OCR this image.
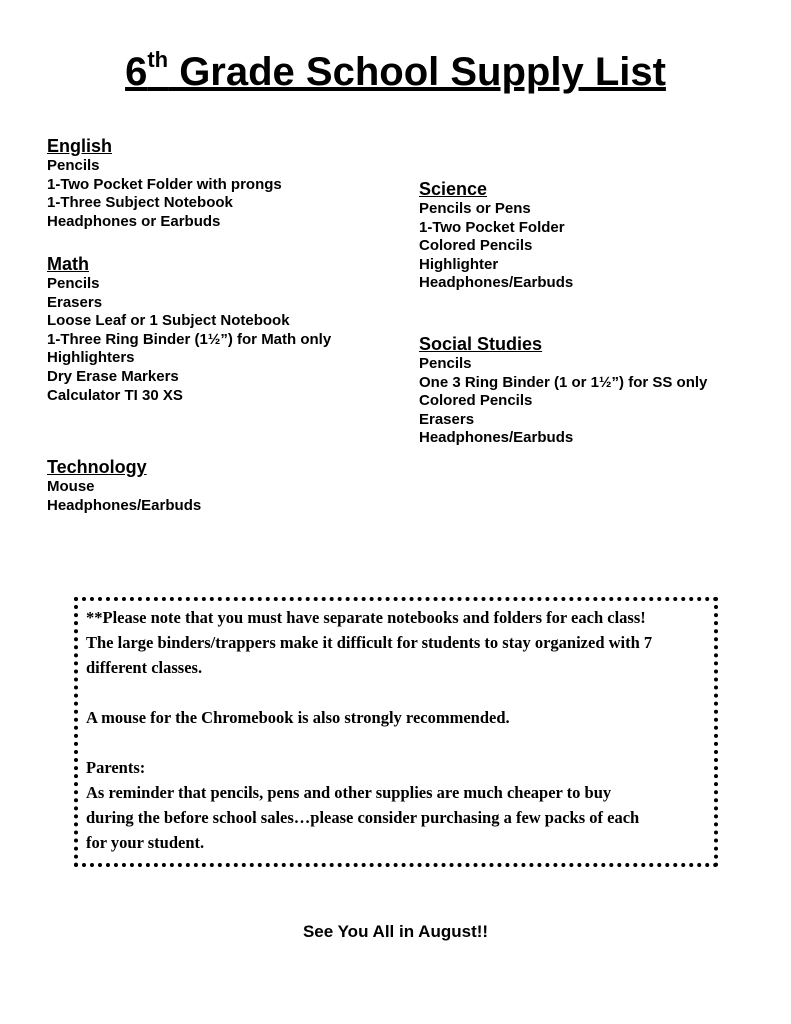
6th Grade School Supply List
English
Pencils
1-Two Pocket Folder with prongs
1-Three Subject Notebook
Headphones or Earbuds
Math
Pencils
Erasers
Loose Leaf or 1 Subject Notebook
1-Three Ring Binder (1½”) for Math only
Highlighters
Dry Erase Markers
Calculator TI 30 XS
Technology
Mouse
Headphones/Earbuds
Science
Pencils or Pens
1-Two Pocket Folder
Colored Pencils
Highlighter
Headphones/Earbuds
Social Studies
Pencils
One 3 Ring Binder (1 or 1½”) for SS only
Colored Pencils
Erasers
Headphones/Earbuds

**Please note that you must have separate notebooks and folders for each class!

The large binders/trappers make it difficult for students to stay organized with 7

different classes.

A mouse for the Chromebook is also strongly recommended.

Parents:

As reminder that pencils, pens and other supplies are much cheaper to buy

during the before school sales…please consider purchasing a few packs of each

for your student.

See You All in August!!
